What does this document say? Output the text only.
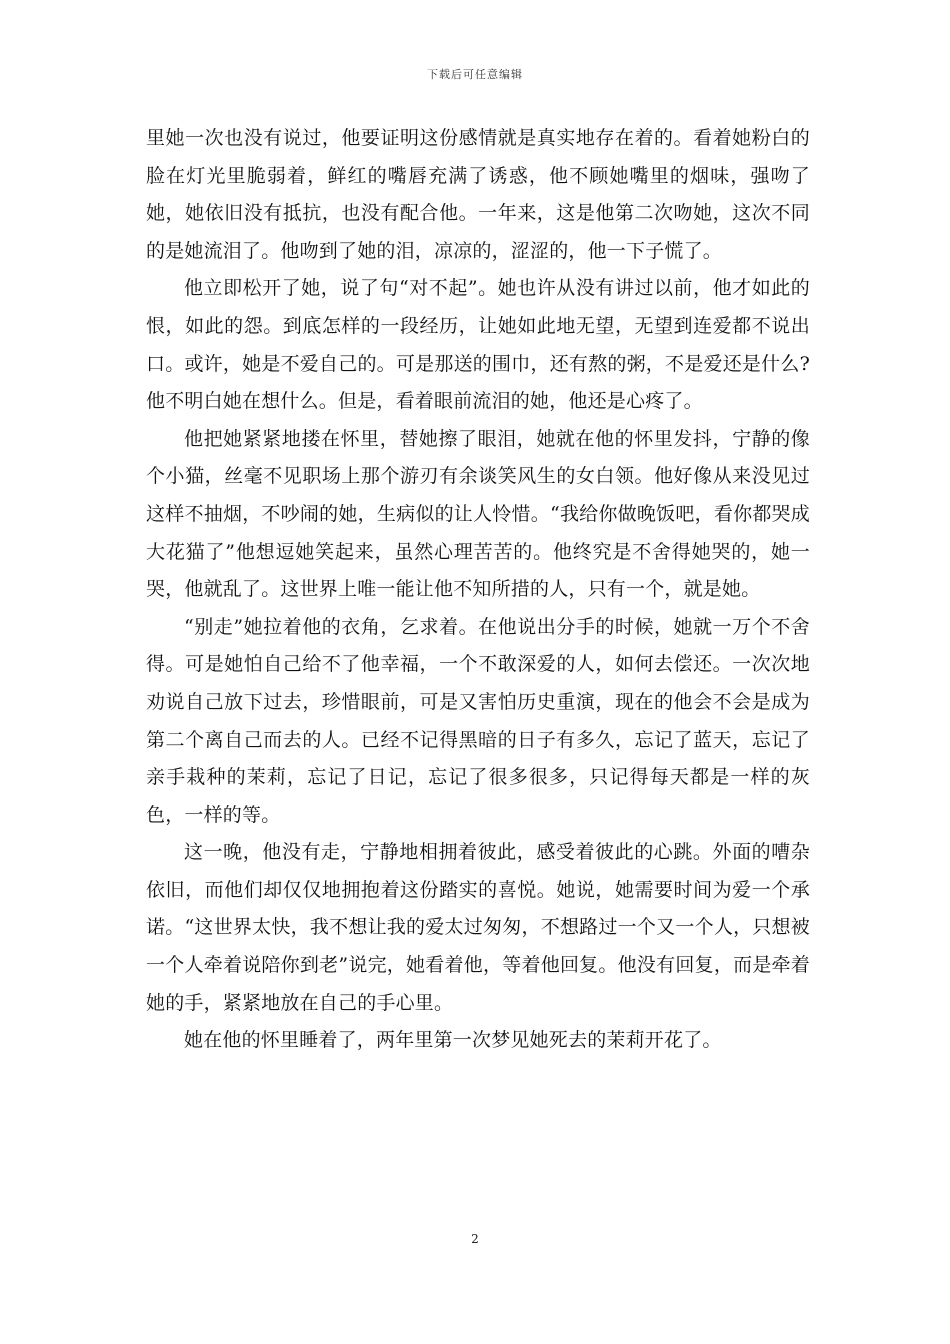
下载后可任意编辑

里她一次也没有说过，他要证明这份感情就是真实地存在着的。看着她粉白的脸在灯光里脆弱着，鲜红的嘴唇充满了诱惑，他不顾她嘴里的烟味，强吻了她，她依旧没有抵抗，也没有配合他。一年来，这是他第二次吻她，这次不同的是她流泪了。他吻到了她的泪，凉凉的，涩涩的，他一下子慌了。

他立即松开了她，说了句“对不起”。她也许从没有讲过以前，他才如此的恨，如此的怨。到底怎样的一段经历，让她如此地无望，无望到连爱都不说出口。或许，她是不爱自己的。可是那送的围巾，还有熬的粥，不是爱还是什么?他不明白她在想什么。但是，看着眼前流泪的她，他还是心疼了。

他把她紧紧地搂在怀里，替她擦了眼泪，她就在他的怀里发抖，宁静的像个小猫，丝毫不见职场上那个游刃有余谈笑风生的女白领。他好像从来没见过这样不抽烟，不吵闹的她，生病似的让人怜惜。“我给你做晚饭吧，看你都哭成大花猫了”他想逗她笑起来，虽然心理苦苦的。他终究是不舍得她哭的，她一哭，他就乱了。这世界上唯一能让他不知所措的人，只有一个，就是她。

“别走”她拉着他的衣角，乞求着。在他说出分手的时候，她就一万个不舍得。可是她怕自己给不了他幸福，一个不敢深爱的人，如何去偿还。一次次地劝说自己放下过去，珍惜眼前，可是又害怕历史重演，现在的他会不会是成为第二个离自己而去的人。已经不记得黑暗的日子有多久，忘记了蓝天，忘记了亲手栽种的茉莉，忘记了日记，忘记了很多很多，只记得每天都是一样的灰色，一样的等。

这一晚，他没有走，宁静地相拥着彼此，感受着彼此的心跳。外面的嘈杂依旧，而他们却仅仅地拥抱着这份踏实的喜悦。她说，她需要时间为爱一个承诺。“这世界太快，我不想让我的爱太过匆匆，不想路过一个又一个人，只想被一个人牵着说陪你到老”说完，她看着他，等着他回复。他没有回复，而是牵着她的手，紧紧地放在自己的手心里。

她在他的怀里睡着了，两年里第一次梦见她死去的茉莉开花了。

2
